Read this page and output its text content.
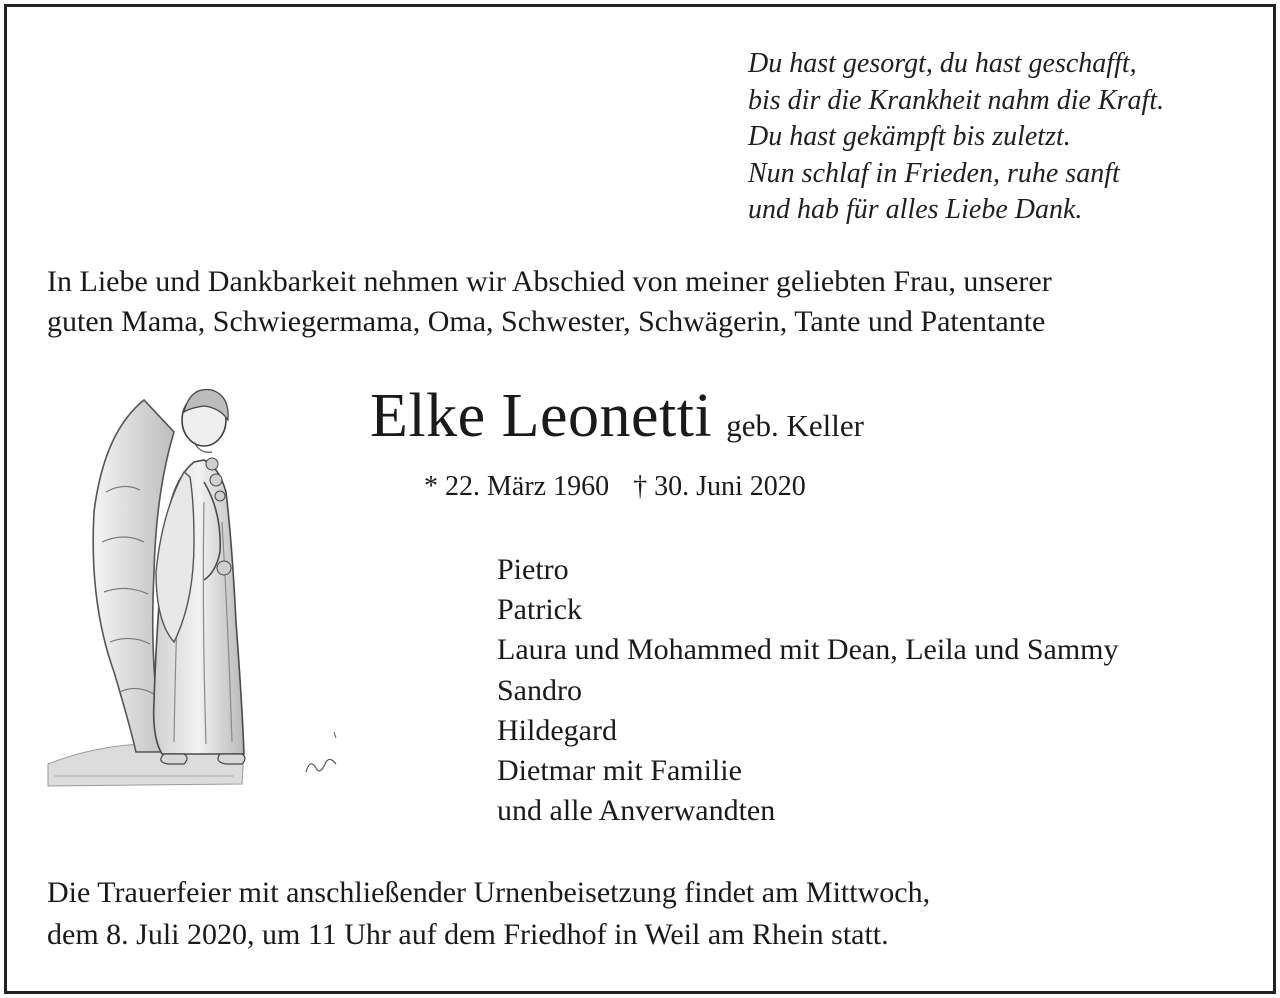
Du hast gesorgt, du hast geschafft,
bis dir die Krankheit nahm die Kraft.
Du hast gekämpft bis zuletzt.
Nun schlaf in Frieden, ruhe sanft
und hab für alles Liebe Dank.
In Liebe und Dankbarkeit nehmen wir Abschied von meiner geliebten Frau, unserer
guten Mama, Schwiegermama, Oma, Schwester, Schwägerin, Tante und Patentante
Elke Leonetti geb. Keller
* 22. März 1960 † 30. Juni 2020
Pietro
Patrick
Laura und Mohammed mit Dean, Leila und Sammy
Sandro
Hildegard
Dietmar mit Familie
und alle Anverwandten
Die Trauerfeier mit anschließender Urnenbeisetzung findet am Mittwoch,
dem 8. Juli 2020, um 11 Uhr auf dem Friedhof in Weil am Rhein statt.
